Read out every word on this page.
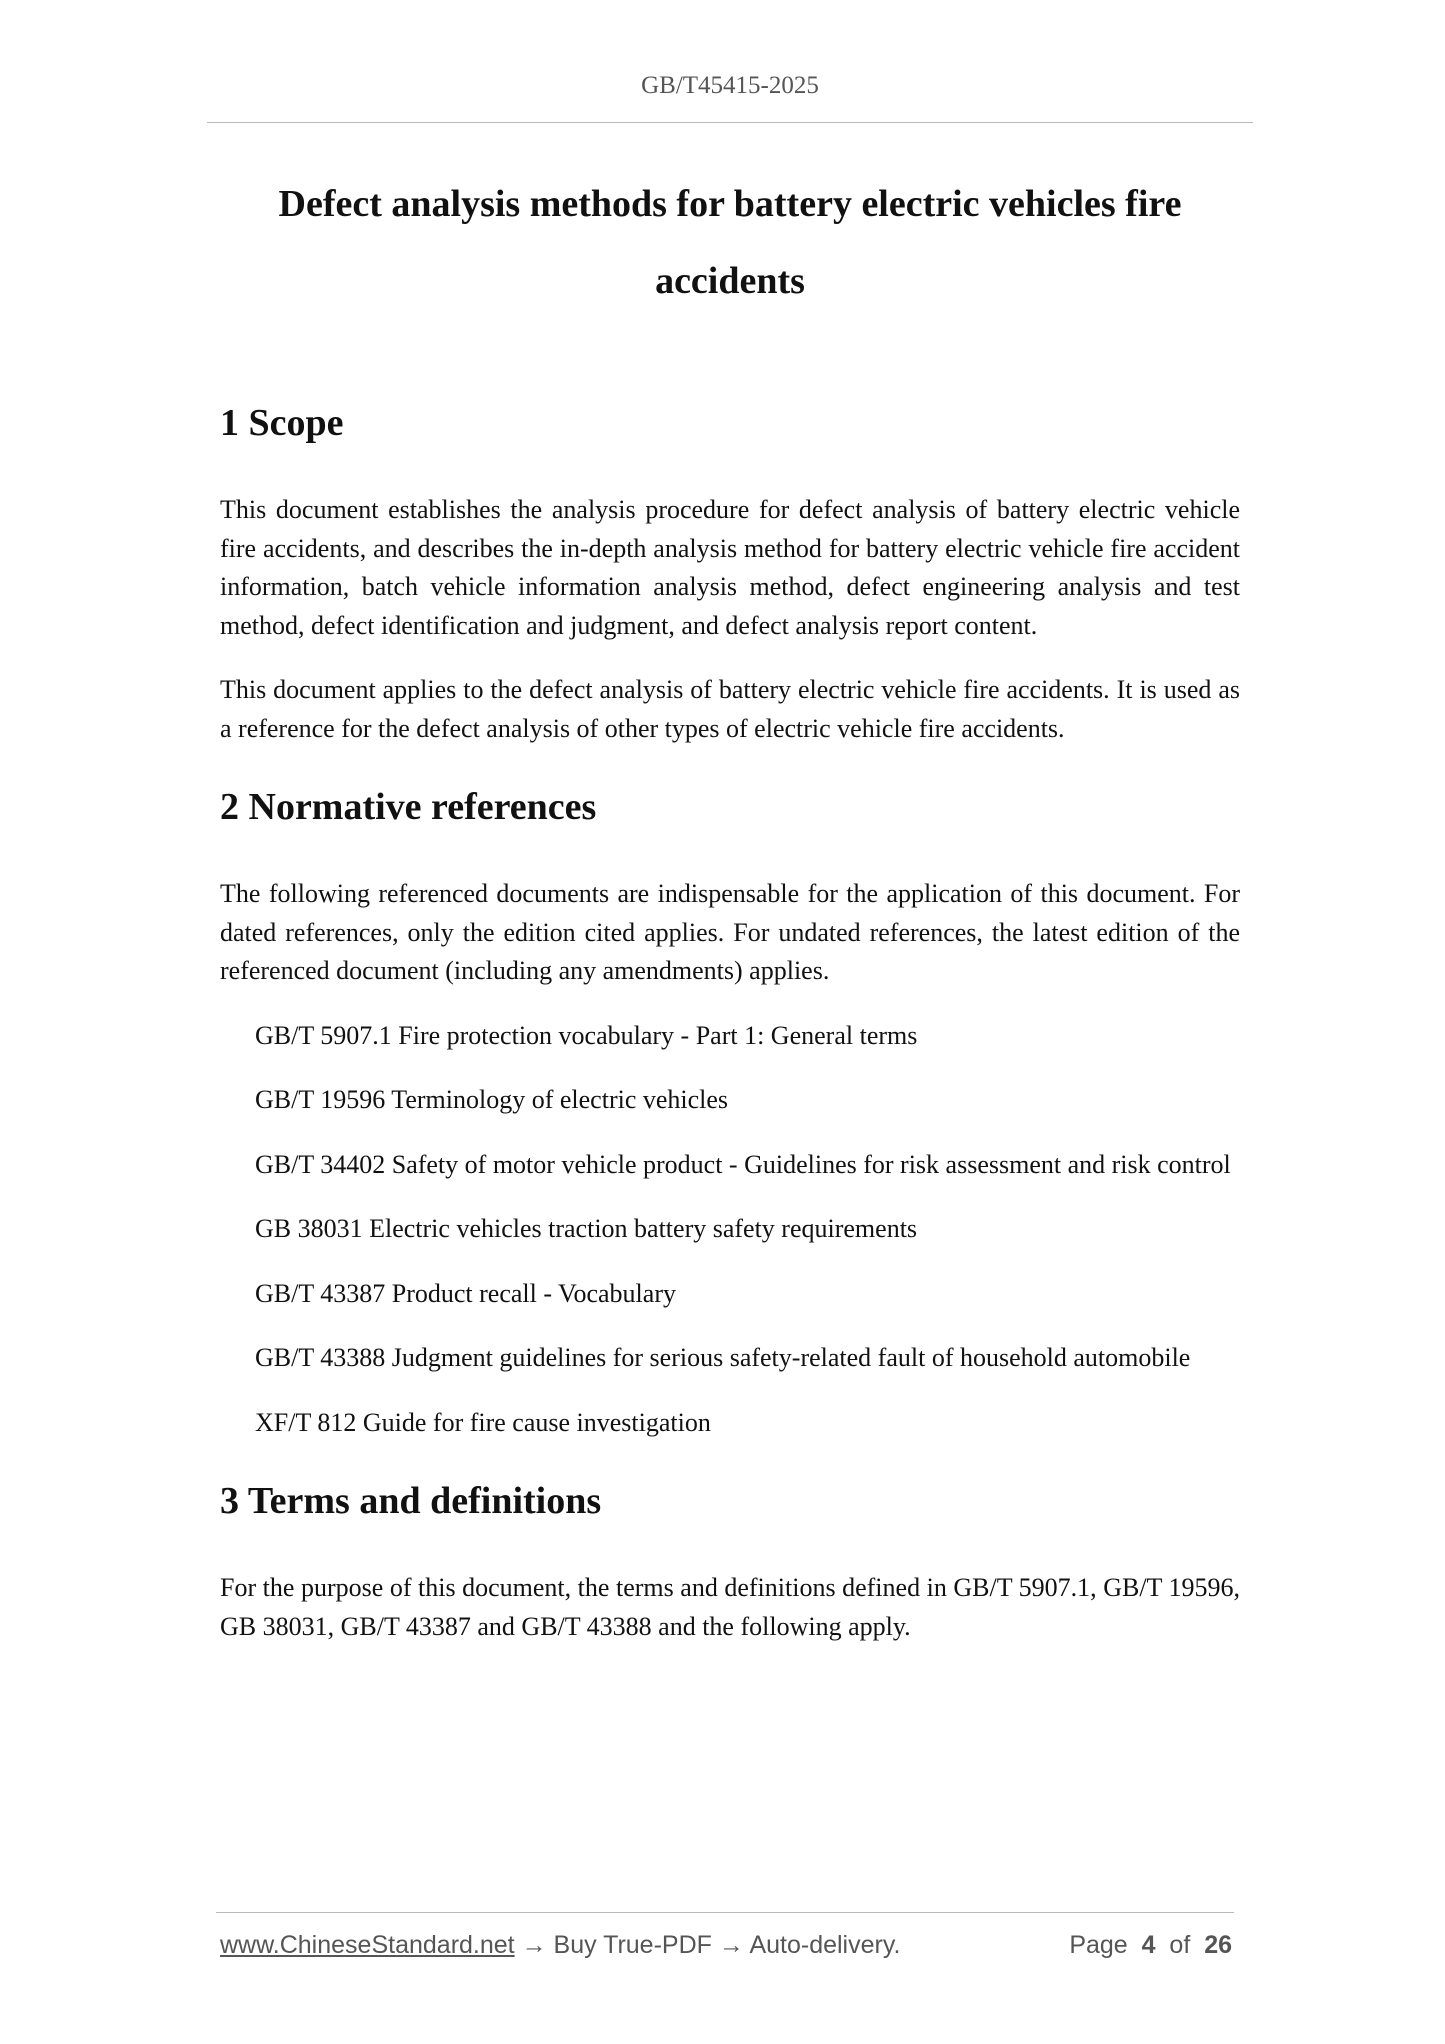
GB/T45415-2025
Defect analysis methods for battery electric vehicles fire
accidents
1 Scope

This document establishes the analysis procedure for defect analysis of battery electric vehicle fire accidents, and describes the in-depth analysis method for battery electric vehicle fire accident information, batch vehicle information analysis method, defect engineering analysis and test method, defect identification and judgment, and defect analysis report content.

This document applies to the defect analysis of battery electric vehicle fire accidents. It is used as a reference for the defect analysis of other types of electric vehicle fire accidents.

2 Normative references

The following referenced documents are indispensable for the application of this document. For dated references, only the edition cited applies. For undated references, the latest edition of the referenced document (including any amendments) applies.

GB/T 5907.1 Fire protection vocabulary - Part 1: General terms

GB/T 19596 Terminology of electric vehicles

GB/T 34402 Safety of motor vehicle product - Guidelines for risk assessment and risk control

GB 38031 Electric vehicles traction battery safety requirements

GB/T 43387 Product recall - Vocabulary

GB/T 43388 Judgment guidelines for serious safety-related fault of household automobile

XF/T 812 Guide for fire cause investigation

3 Terms and definitions

For the purpose of this document, the terms and definitions defined in GB/T 5907.1, GB/T 19596, GB 38031, GB/T 43387 and GB/T 43388 and the following apply.

www.ChineseStandard.net → Buy True-PDF → Auto-delivery.	Page 4 of 26
